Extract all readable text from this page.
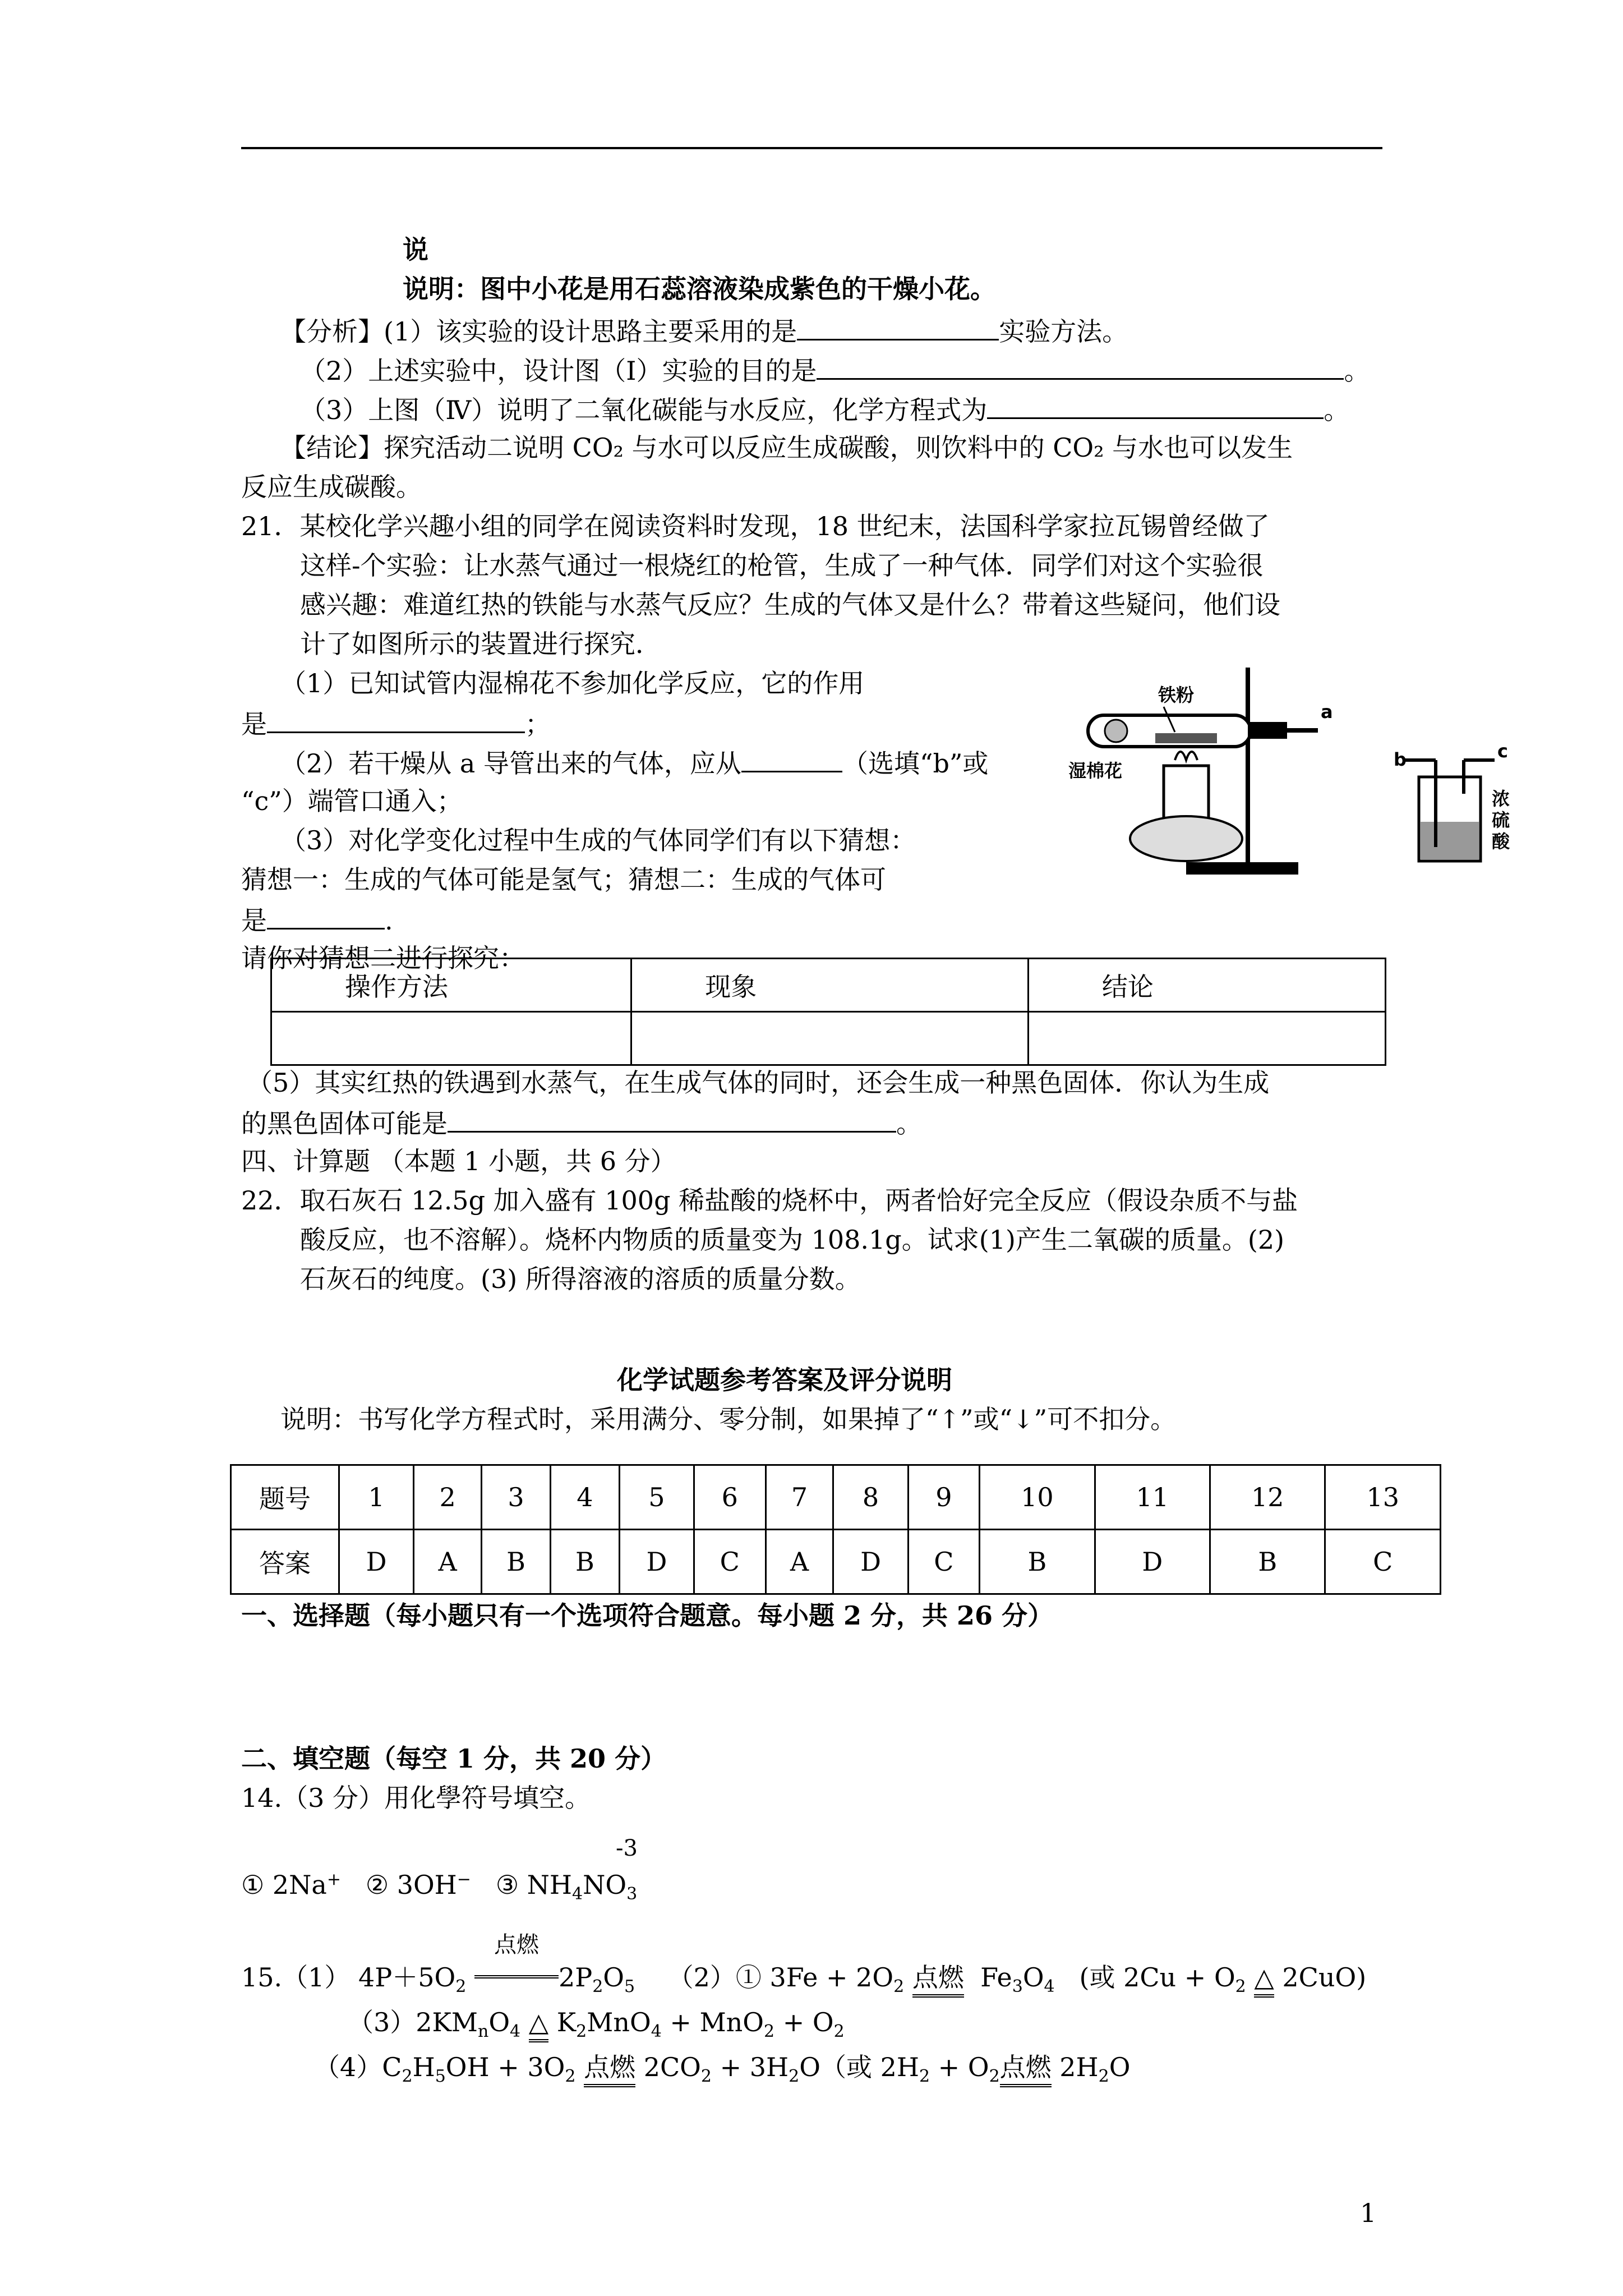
说
说明：图中小花是用石蕊溶液染成紫色的干燥小花。
【分析】(1）该实验的设计思路主要采用的是	实验方法。
（2）上述实验中，设计图（Ⅰ）实验的目的是	。
（3）上图（Ⅳ）说明了二氧化碳能与水反应，化学方程式为	。
【结论】探究活动二说明 CO₂ 与水可以反应生成碳酸，则饮料中的 CO₂ 与水也可以发生
反应生成碳酸。
21．某校化学兴趣小组的同学在阅读资料时发现，18 世纪末，法国科学家拉瓦锡曾经做了
这样-个实验：让水蒸气通过一根烧红的枪管，生成了一种气体．同学们对这个实验很
感兴趣：难道红热的铁能与水蒸气反应？生成的气体又是什么？带着这些疑问，他们设
计了如图所示的装置进行探究．
（1）已知试管内湿棉花不参加化学反应，它的作用
是	；
（2）若干燥从 a 导管出来的气体，应从	（选填“b”或
“c”）端管口通入；
（3）对化学变化过程中生成的气体同学们有以下猜想：
猜想一：生成的气体可能是氢气；猜想二：生成的气体可
是	.
请你对猜想二进行探究：
铁粉
湿棉花
a
b	c
浓
硫
酸
操作方法	现象	结论

（5）其实红热的铁遇到水蒸气，在生成气体的同时，还会生成一种黑色固体．你认为生成
的黑色固体可能是	。
四、计算题 （本题 1 小题，共 6 分）
22．取石灰石 12.5g 加入盛有 100g 稀盐酸的烧杯中，两者恰好完全反应（假设杂质不与盐
酸反应，也不溶解）。烧杯内物质的质量变为 108.1g。试求(1)产生二氧碳的质量。(2)
石灰石的纯度。(3) 所得溶液的溶质的质量分数。
化学试题参考答案及评分说明
说明：书写化学方程式时，采用满分、零分制，如果掉了“↑”或“↓”可不扣分。
题号	1	2	3	4	5	6	7	8	9	10	11	12	13
答案	D	A	B	B	D	C	A	D	C	B	D	B	C
一、选择题（每小题只有一个选项符合题意。每小题 2 分，共 26 分）
二、填空题（每空 1 分，共 20 分）
14.（3 分）用化學符号填空。
-3
① 2Na+ ② 3OH− ③ $NH_4NO_3$
15.（1） $4P+5O_2$
点燃
$2P_2O_5$    （2）① $3Fe + 2O_2$ 点燃  $Fe_3O_4$   (或 $2Cu + O_2$ △ 2CuO)
$(3)2KM_nO_4$ △ $K_2MnO_4 + MnO_2 + O_2$
$(4)C_2H_5OH + 3O_2$ 点燃 $2CO_2 + 3H_2O$（或 $2H_2 + O_2$点燃 $2H_2O$
1
